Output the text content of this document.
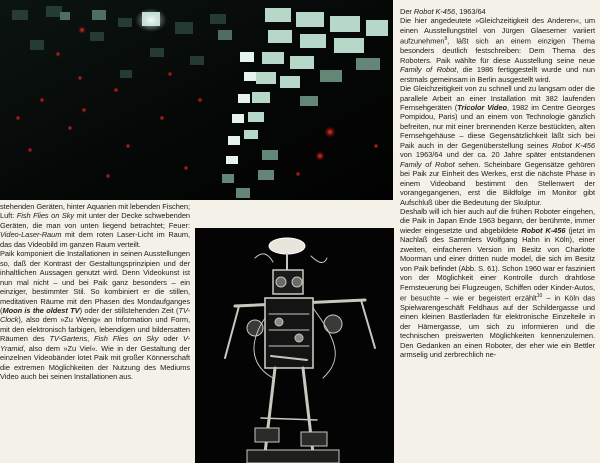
stehenden Geräten, hinter Aquarien mit lebenden Fischen; Luft: Fish Flies on Sky mit unter der Decke schwebenden Geräten, die man von unten liegend betrachtet; Feuer: Video-Laser-Raum mit dem roten Laser-Licht im Raum, das das Videobild im ganzen Raum verteilt.

Paik komponiert die Installationen in seinen Ausstellungen so, daß der Kontrast der Gestaltungsprinzipien und der inhaltlichen Aussagen genutzt wird. Denn Videokunst ist nun mal nicht – und bei Paik ganz besonders – ein einziger, bestimmter Stil. So kombiniert er die stillen, meditativen Räume mit den Phasen des Mondaufganges (Moon is the oldest TV) oder der stillstehenden Zeit (TV-Clock), also dem »Zu Wenig« an Information und Form, mit den elektronisch farbigen, lebendigen und bildersatten Räumen des TV-Gartens, Fish Flies on Sky oder V-Yramid, also dem »Zu Viel«. Wie in der Gestaltung der einzelnen Videobänder lotet Paik mit großer Könnerschaft die extremen Möglichkeiten der Nutzung des Mediums Video auch bei seinen Installationen aus.

Der Robot K-456, 1963/64

Die hier angedeutete »Gleichzeitigkeit des Anderen«, um einen Ausstellungstitel von Jürgen Glaesemer variiert aufzunehmen$^9$, läßt sich an einem einzigen Thema besonders deutlich festschreiben: Dem Thema des Roboters. Paik wählte für diese Ausstellung seine neue Family of Robot, die 1986 fertiggestellt wurde und nun erstmals gemeinsam in Berlin ausgestellt wird.

Die Gleichzeitigkeit von zu schnell und zu langsam oder die parallele Arbeit an einer Installation mit 382 laufenden Fernsehgeräten (Tricolor Video, 1982 im Centre Georges Pompidou, Paris) und an einem von Technologie gänzlich befreiten, nur mit einer brennenden Kerze bestückten, alten Fernsehgehäuse – diese Gegensätzlichkeit läßt sich bei Paik auch in der Gegenüberstellung seines Robot K-456 von 1963/64 und der ca. 20 Jahre später entstandenen Family of Robot sehen. Scheinbare Gegensätze gehören bei Paik zur Einheit des Werkes, erst die nächste Phase in einem Videoband bestimmt den Stellenwert der vorangegangenen, erst die Bildfolge im Monitor gibt Aufschluß über die Bedeutung der Skulptur.

Deshalb will ich hier auch auf die frühen Roboter eingehen, die Paik in Japan Ende 1963 begann, der berühmte, immer wieder eingesetzte und abgebildete Robot K-456 (jetzt im Nachlaß des Sammlers Wolfgang Hahn in Köln), einer zweiten, einfacheren Version im Besitz von Charlotte Moorman und einer dritten nude model, die sich im Besitz von Paik befindet (Abb. S. 61). Schon 1960 war er fasziniert von der Möglichkeit einer Kontrolle durch drahtlose Fernsteuerung bei Flugzeugen, Schiffen oder Kinder-Autos, er besuchte – wie er begeistert erzählt$^{10}$ – in Köln das Spielwarengeschäft Feldhaus auf der Schildergasse und einen kleinen Bastlerladen für elektronische Einzelteile in der Hämergasse, um sich zu informieren und die technischen preiswerten Möglichkeiten kennenzulernen. Den Gedanken an einen Roboter, der eher wie ein Bettler armselig und zerbrechlich ne-
